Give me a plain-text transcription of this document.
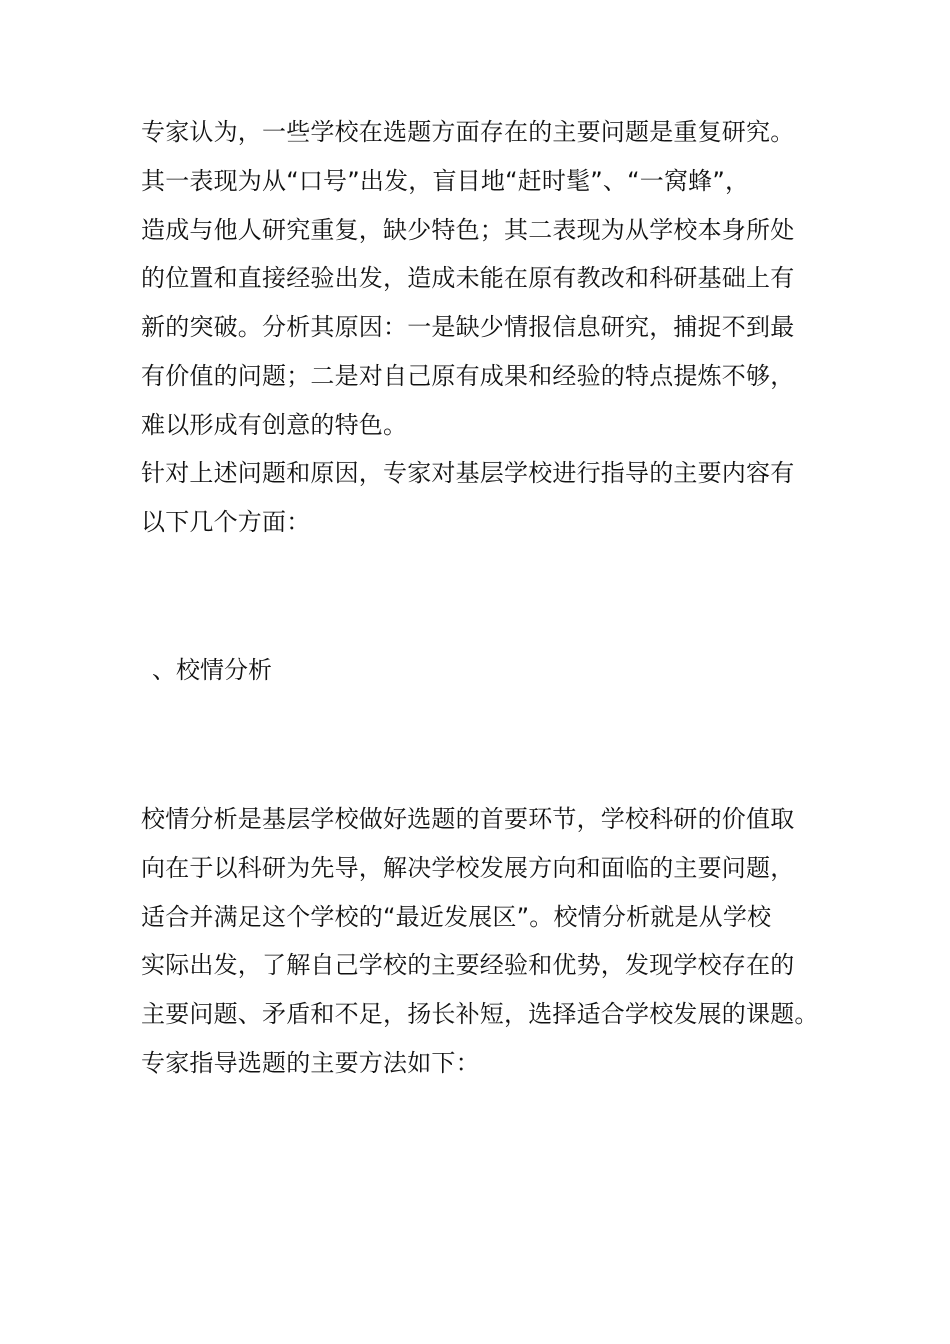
专家认为，一些学校在选题方面存在的主要问题是重复研究。
其一表现为从“口号”出发，盲目地“赶时髦”、“一窝蜂”，
造成与他人研究重复，缺少特色；其二表现为从学校本身所处
的位置和直接经验出发，造成未能在原有教改和科研基础上有
新的突破。分析其原因：一是缺少情报信息研究，捕捉不到最
有价值的问题；二是对自己原有成果和经验的特点提炼不够，
难以形成有创意的特色。
针对上述问题和原因，专家对基层学校进行指导的主要内容有
以下几个方面：
、校情分析
校情分析是基层学校做好选题的首要环节，学校科研的价值取
向在于以科研为先导，解决学校发展方向和面临的主要问题，
适合并满足这个学校的“最近发展区”。校情分析就是从学校
实际出发，了解自己学校的主要经验和优势，发现学校存在的
主要问题、矛盾和不足，扬长补短，选择适合学校发展的课题。
专家指导选题的主要方法如下：
